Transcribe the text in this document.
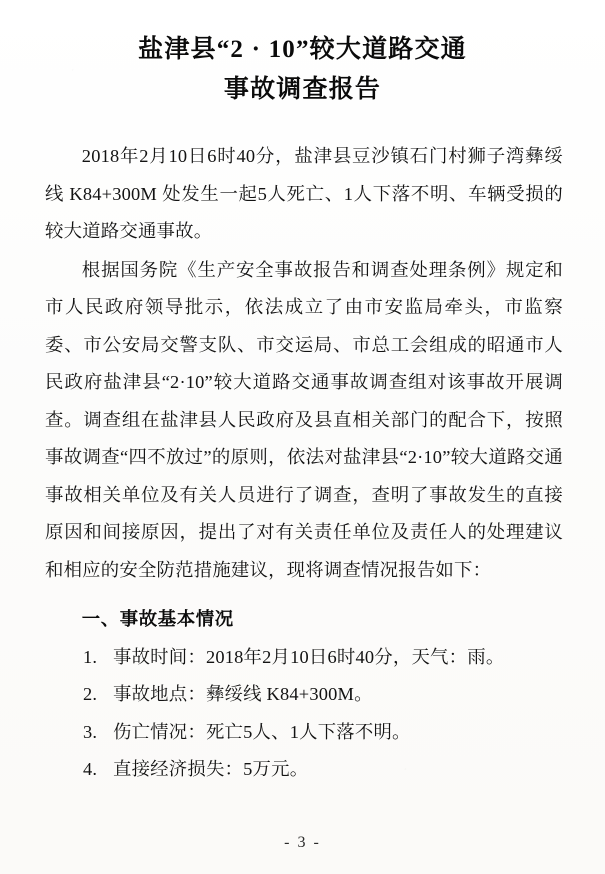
盐津县“2 · 10”较大道路交通
事故调查报告

2018年2月10日6时40分，盐津县豆沙镇石门村狮子湾彝绥线 K84+300M 处发生一起5人死亡、1人下落不明、车辆受损的较大道路交通事故。

根据国务院《生产安全事故报告和调查处理条例》规定和市人民政府领导批示，依法成立了由市安监局牵头，市监察委、市公安局交警支队、市交运局、市总工会组成的昭通市人民政府盐津县“2·10”较大道路交通事故调查组对该事故开展调查。调查组在盐津县人民政府及县直相关部门的配合下，按照事故调查“四不放过”的原则，依法对盐津县“2·10”较大道路交通事故相关单位及有关人员进行了调查，查明了事故发生的直接原因和间接原因，提出了对有关责任单位及责任人的处理建议和相应的安全防范措施建议，现将调查情况报告如下：

一、事故基本情况
1. 事故时间：2018年2月10日6时40分，天气：雨。
2. 事故地点：彝绥线 K84+300M。
3. 伤亡情况：死亡5人、1人下落不明。
4. 直接经济损失：5万元。
- 3 -
